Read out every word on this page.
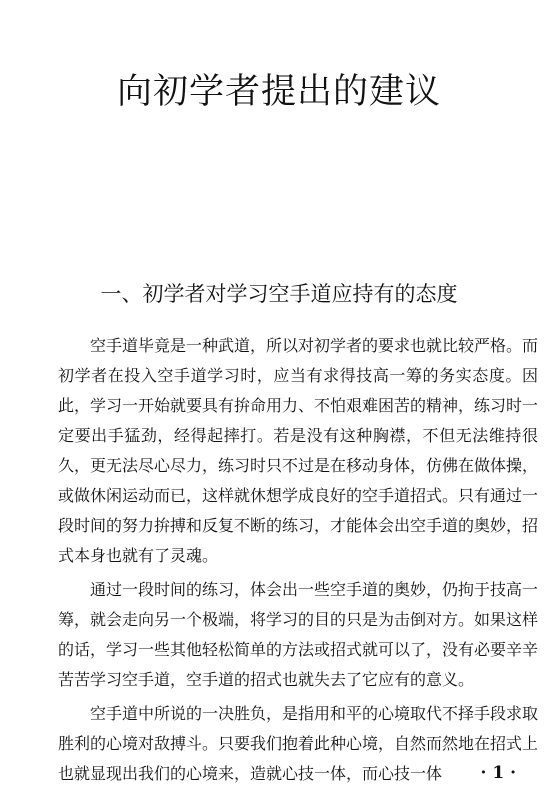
向初学者提出的建议
一、初学者对学习空手道应持有的态度

空手道毕竟是一种武道，所以对初学者的要求也就比较严格。而初学者在投入空手道学习时，应当有求得技高一筹的务实态度。因此，学习一开始就要具有拚命用力、不怕艰难困苦的精神，练习时一定要出手猛劲，经得起摔打。若是没有这种胸襟，不但无法维持很久，更无法尽心尽力，练习时只不过是在移动身体，仿佛在做体操，或做休闲运动而已，这样就休想学成良好的空手道招式。只有通过一段时间的努力拚搏和反复不断的练习，才能体会出空手道的奥妙，招式本身也就有了灵魂。

通过一段时间的练习，体会出一些空手道的奥妙，仍拘于技高一筹，就会走向另一个极端，将学习的目的只是为击倒对方。如果这样的话，学习一些其他轻松简单的方法或招式就可以了，没有必要辛辛苦苦学习空手道，空手道的招式也就失去了它应有的意义。

空手道中所说的一决胜负，是指用和平的心境取代不择手段求取胜利的心境对敌搏斗。只要我们抱着此种心境，自然而然地在招式上也就显现出我们的心境来，造就心技一体，而心技一体	· 1 ·
